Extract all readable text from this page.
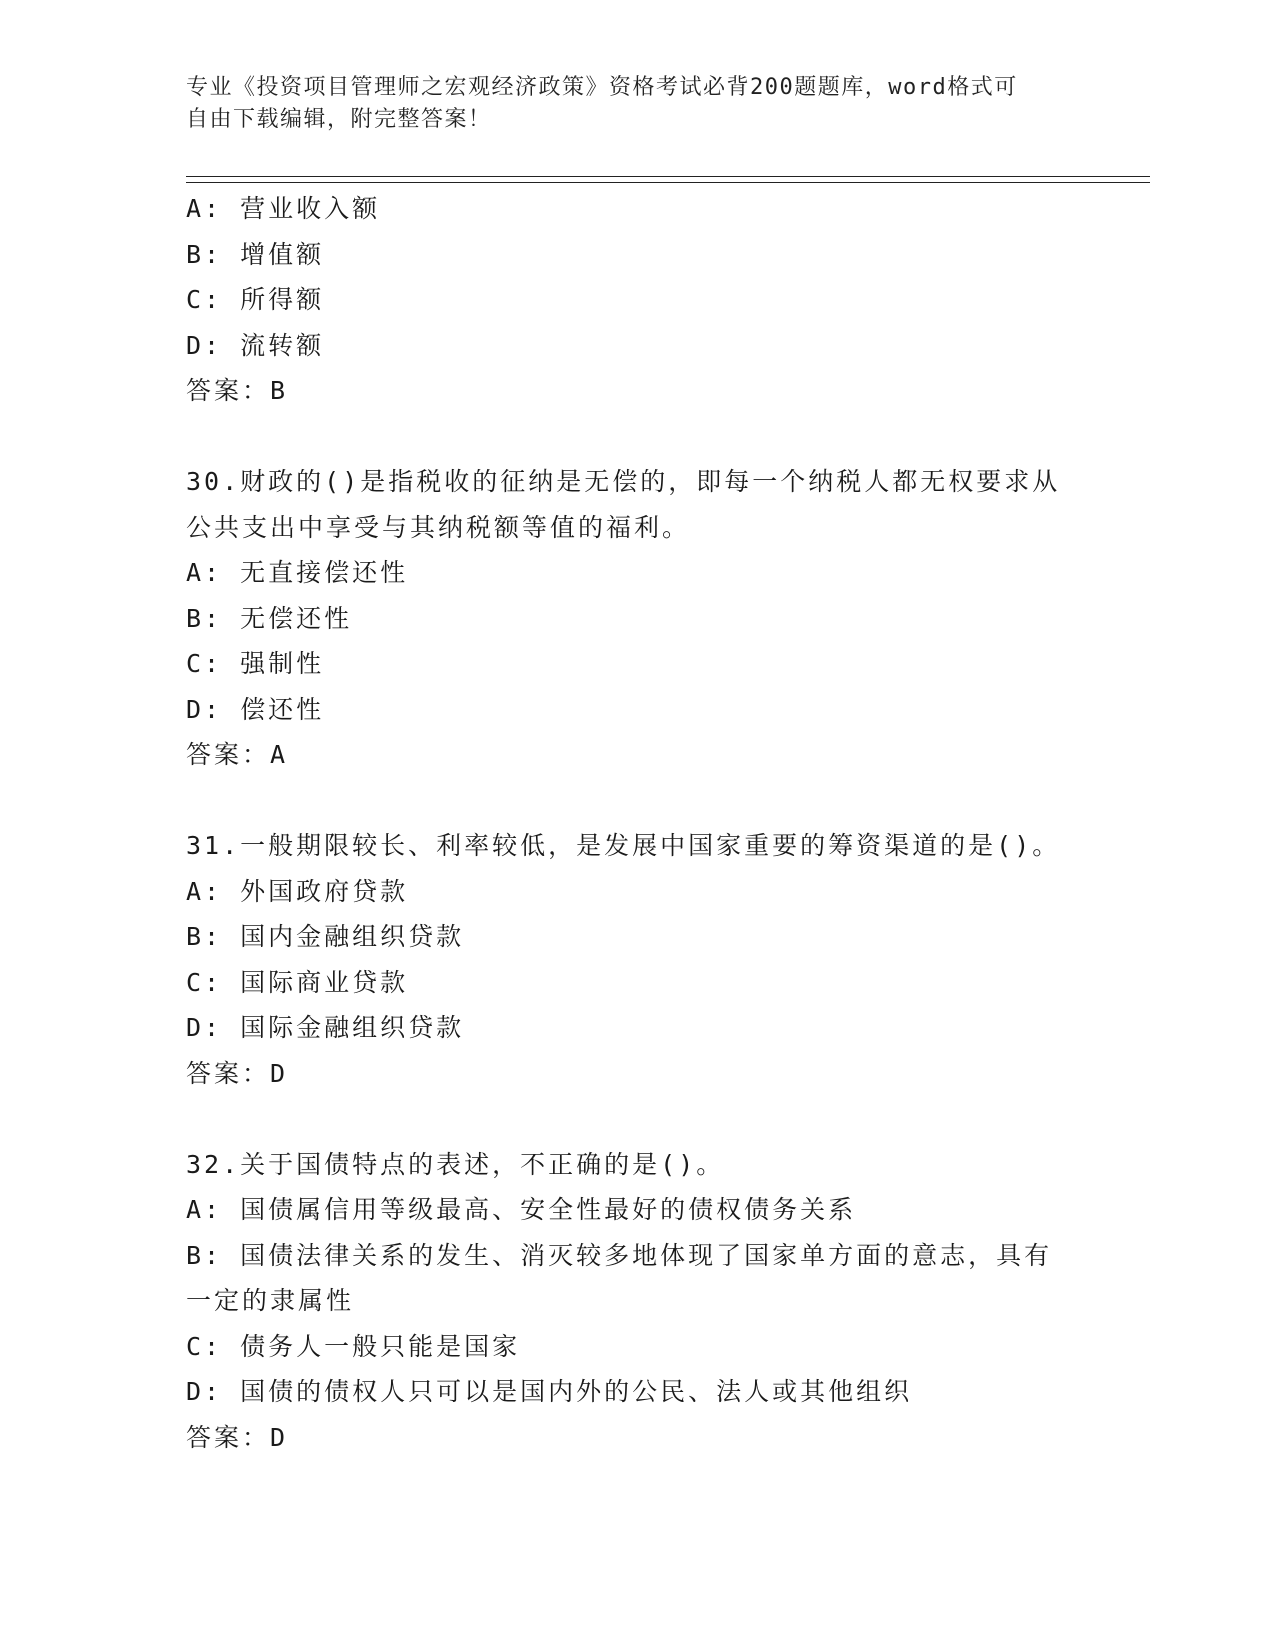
专业《投资项目管理师之宏观经济政策》资格考试必背200题题库，word格式可
自由下载编辑，附完整答案！
A: 营业收入额
B: 增值额
C: 所得额
D: 流转额
答案：B
30.财政的()是指税收的征纳是无偿的，即每一个纳税人都无权要求从
公共支出中享受与其纳税额等值的福利。
A: 无直接偿还性
B: 无偿还性
C: 强制性
D: 偿还性
答案：A
31.一般期限较长、利率较低，是发展中国家重要的筹资渠道的是()。
A: 外国政府贷款
B: 国内金融组织贷款
C: 国际商业贷款
D: 国际金融组织贷款
答案：D
32.关于国债特点的表述，不正确的是()。
A: 国债属信用等级最高、安全性最好的债权债务关系
B: 国债法律关系的发生、消灭较多地体现了国家单方面的意志，具有
一定的隶属性
C: 债务人一般只能是国家
D: 国债的债权人只可以是国内外的公民、法人或其他组织
答案：D
